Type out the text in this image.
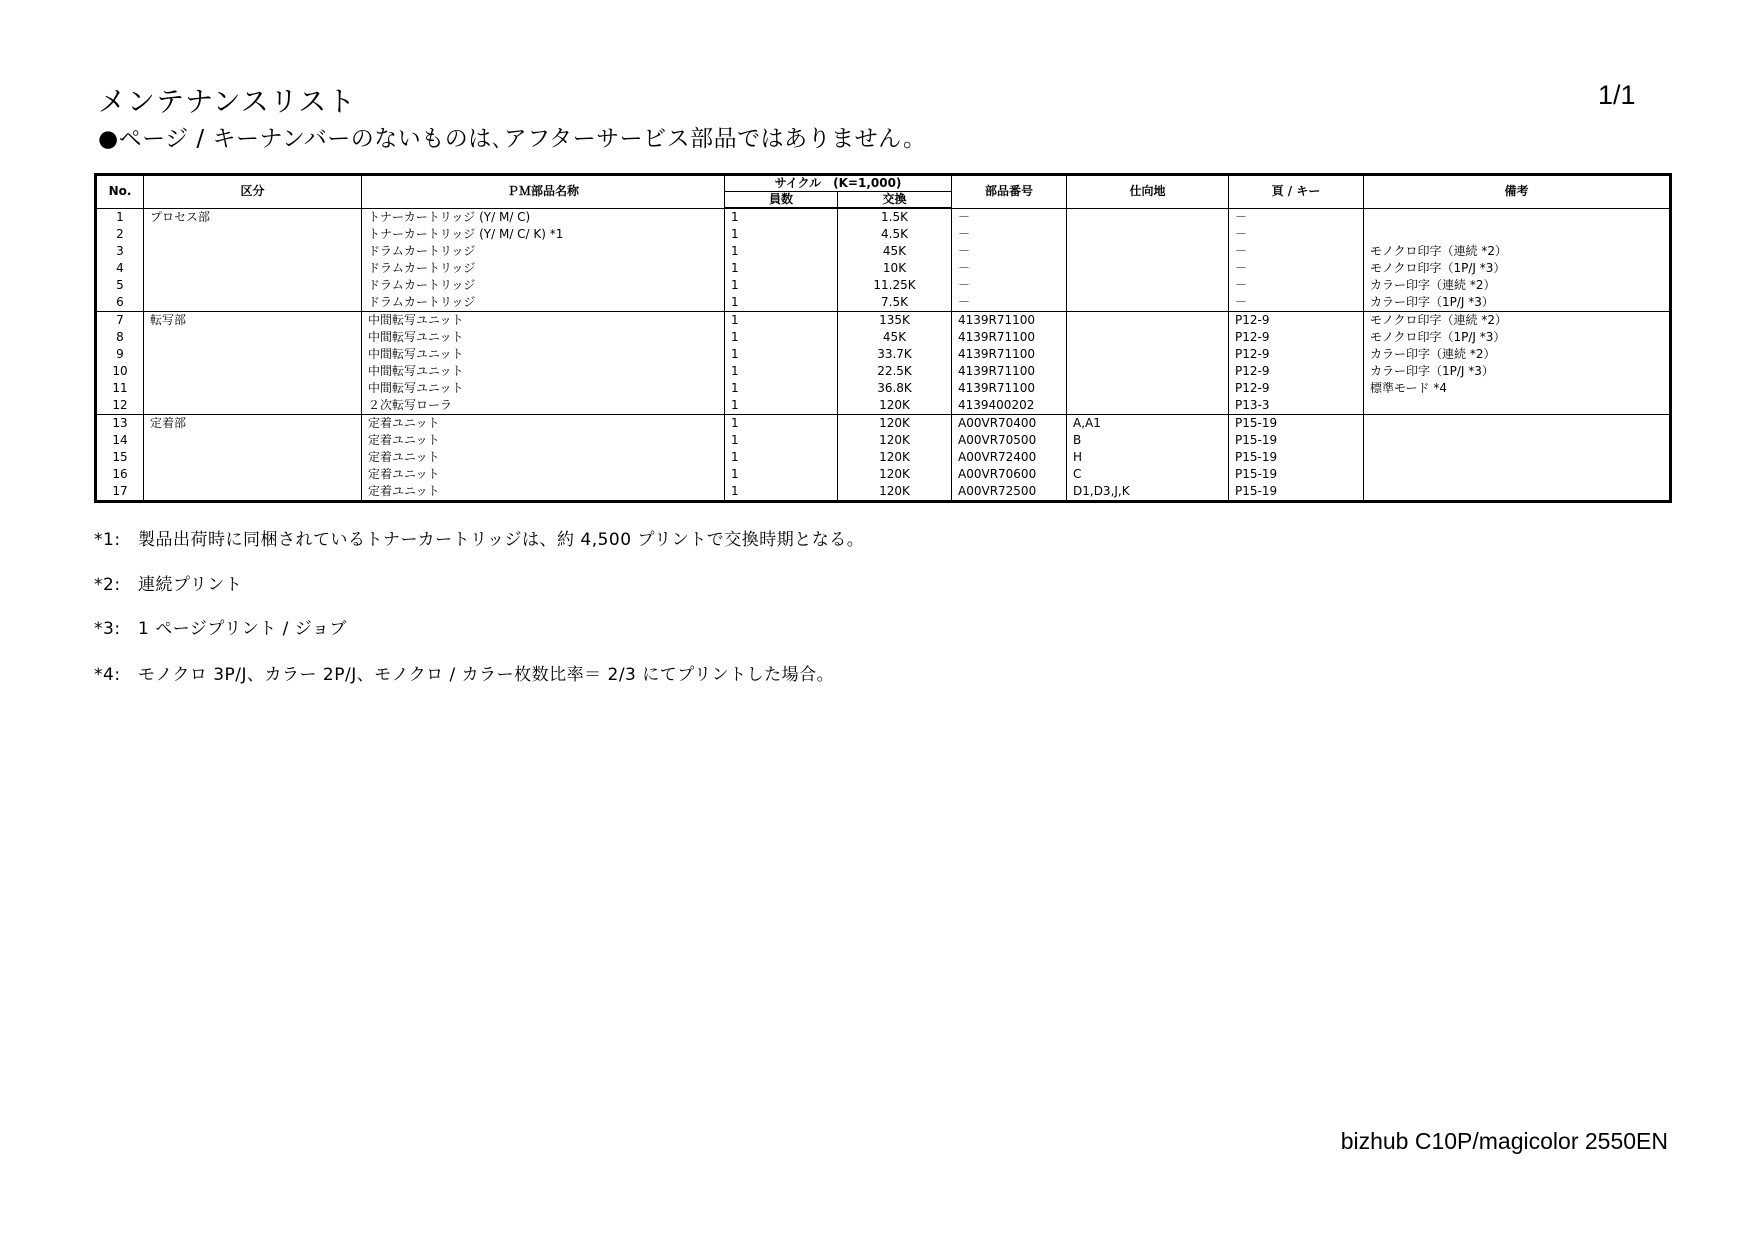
メンテナンスリスト	1/1
●ページ / キーナンバーのないものは､アフターサービス部品ではありません。
No.	区分	ＰＭ部品名称	サイクル　(K=1,000)		部品番号	仕向地	頁 / キー	備考
			員数	交換				
1	プロセス部	トナーカートリッジ (Y/ M/ C)	1	1.5K	－		－	
2		トナーカートリッジ (Y/ M/ C/ K) *1	1	4.5K	－		－	
3		ドラムカートリッジ	1	45K	－		－	モノクロ印字（連続 *2）
4		ドラムカートリッジ	1	10K	－		－	モノクロ印字（1P/J *3）
5		ドラムカートリッジ	1	11.25K	－		－	カラー印字（連続 *2）
6		ドラムカートリッジ	1	7.5K	－		－	カラー印字（1P/J *3）
7	転写部	中間転写ユニット	1	135K	4139R71100		P12-9	モノクロ印字（連続 *2）
8		中間転写ユニット	1	45K	4139R71100		P12-9	モノクロ印字（1P/J *3）
9		中間転写ユニット	1	33.7K	4139R71100		P12-9	カラー印字（連続 *2）
10		中間転写ユニット	1	22.5K	4139R71100		P12-9	カラー印字（1P/J *3）
11		中間転写ユニット	1	36.8K	4139R71100		P12-9	標準モード *4
12		２次転写ローラ	1	120K	4139400202		P13-3	
13	定着部	定着ユニット	1	120K	A00VR70400	A,A1	P15-19	
14		定着ユニット	1	120K	A00VR70500	B	P15-19	
15		定着ユニット	1	120K	A00VR72400	H	P15-19	
16		定着ユニット	1	120K	A00VR70600	C	P15-19	
17		定着ユニット	1	120K	A00VR72500	D1,D3,J,K	P15-19	
*1: 製品出荷時に同梱されているトナーカートリッジは、約 4,500 プリントで交換時期となる。
*2: 連続プリント
*3: 1 ページプリント / ジョブ
*4: モノクロ 3P/J、カラー 2P/J、モノクロ / カラー枚数比率＝ 2/3 にてプリントした場合。
bizhub C10P/magicolor 2550EN
